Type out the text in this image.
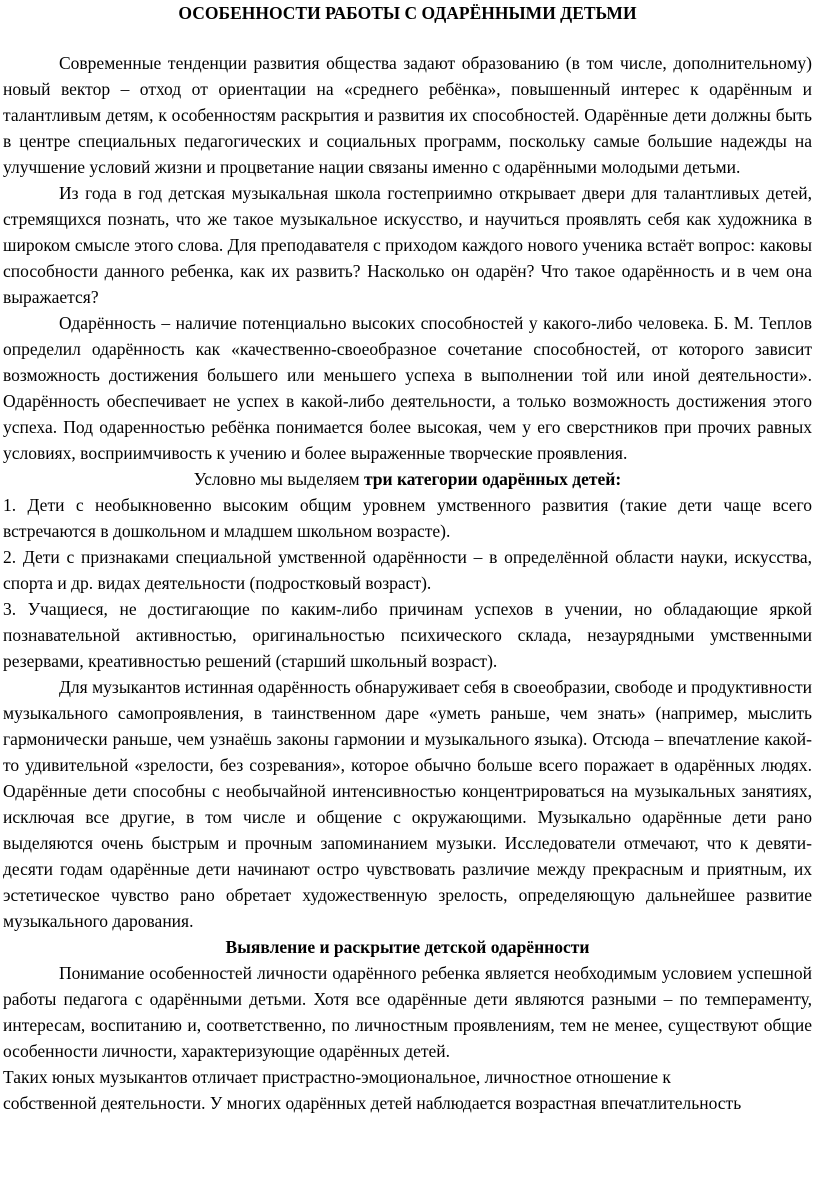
ОСОБЕННОСТИ РАБОТЫ С ОДАРЁННЫМИ ДЕТЬМИ

Современные тенденции развития общества задают образованию (в том числе, дополнительному) новый вектор – отход от ориентации на «среднего ребёнка», повышенный интерес к одарённым и талантливым детям, к особенностям раскрытия и развития их способностей. Одарённые дети должны быть в центре специальных педагогических и социальных программ, поскольку самые большие надежды на улучшение условий жизни и процветание нации связаны именно с одарёнными молодыми детьми.

Из года в год детская музыкальная школа гостеприимно открывает двери для талантливых детей, стремящихся познать, что же такое музыкальное искусство, и научиться проявлять себя как художника в широком смысле этого слова. Для преподавателя с приходом каждого нового ученика встаёт вопрос: каковы способности данного ребенка, как их развить? Насколько он одарён? Что такое одарённость и в чем она выражается?

Одарённость – наличие потенциально высоких способностей у какого-либо человека. Б. М. Теплов определил одарённость как «качественно-своеобразное сочетание способностей, от которого зависит возможность достижения большего или меньшего успеха в выполнении той или иной деятельности». Одарённость обеспечивает не успех в какой-либо деятельности, а только возможность достижения этого успеха. Под одаренностью ребёнка понимается более высокая, чем у его сверстников при прочих равных условиях, восприимчивость к учению и более выраженные творческие проявления.

Условно мы выделяем три категории одарённых детей:

1. Дети с необыкновенно высоким общим уровнем умственного развития (такие дети чаще всего встречаются в дошкольном и младшем школьном возрасте).

2. Дети с признаками специальной умственной одарённости – в определённой области науки, искусства, спорта и др. видах деятельности (подростковый возраст).

3. Учащиеся, не достигающие по каким-либо причинам успехов в учении, но обладающие яркой познавательной активностью, оригинальностью психического склада, незаурядными умственными резервами, креативностью решений (старший школьный возраст).

Для музыкантов истинная одарённость обнаруживает себя в своеобразии, свободе и продуктивности музыкального самопроявления, в таинственном даре «уметь раньше, чем знать» (например, мыслить гармонически раньше, чем узнаёшь законы гармонии и музыкального языка). Отсюда – впечатление какой-то удивительной «зрелости, без созревания», которое обычно больше всего поражает в одарённых людях. Одарённые дети способны с необычайной интенсивностью концентрироваться на музыкальных занятиях, исключая все другие, в том числе и общение с окружающими. Музыкально одарённые дети рано выделяются очень быстрым и прочным запоминанием музыки. Исследователи отмечают, что к девяти-десяти годам одарённые дети начинают остро чувствовать различие между прекрасным и приятным, их эстетическое чувство рано обретает художественную зрелость, определяющую дальнейшее развитие музыкального дарования.

Выявление и раскрытие детской одарённости

Понимание особенностей личности одарённого ребенка является необходимым условием успешной работы педагога с одарёнными детьми. Хотя все одарённые дети являются разными – по темпераменту, интересам, воспитанию и, соответственно, по личностным проявлениям, тем не менее, существуют общие особенности личности, характеризующие одарённых детей.

Таких юных музыкантов отличает пристрастно-эмоциональное, личностное отношение к

собственной деятельности. У многих одарённых детей наблюдается возрастная впечатлительность
